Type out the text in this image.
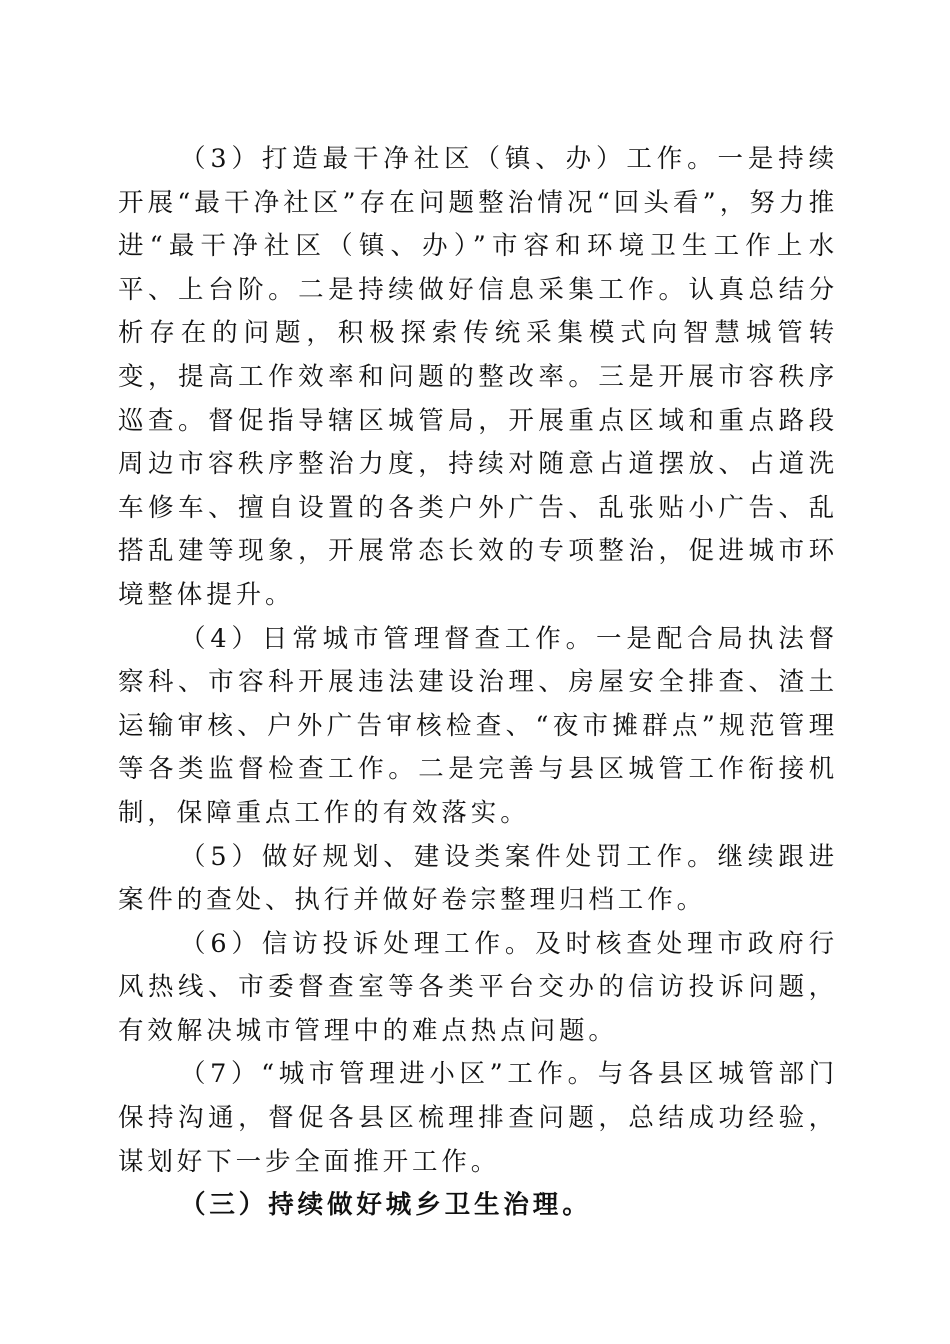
（3）打造最干净社区（镇、办）工作。一是持续开展“最干净社区”存在问题整治情况“回头看”，努力推进“最干净社区（镇、办）”市容和环境卫生工作上水平、上台阶。二是持续做好信息采集工作。认真总结分析存在的问题，积极探索传统采集模式向智慧城管转变，提高工作效率和问题的整改率。三是开展市容秩序巡查。督促指导辖区城管局，开展重点区域和重点路段周边市容秩序整治力度，持续对随意占道摆放、占道洗车修车、擅自设置的各类户外广告、乱张贴小广告、乱搭乱建等现象，开展常态长效的专项整治，促进城市环境整体提升。

（4）日常城市管理督查工作。一是配合局执法督察科、市容科开展违法建设治理、房屋安全排查、渣土运输审核、户外广告审核检查、“夜市摊群点”规范管理等各类监督检查工作。二是完善与县区城管工作衔接机制，保障重点工作的有效落实。

（5）做好规划、建设类案件处罚工作。继续跟进案件的查处、执行并做好卷宗整理归档工作。

（6）信访投诉处理工作。及时核查处理市政府行风热线、市委督查室等各类平台交办的信访投诉问题，有效解决城市管理中的难点热点问题。

（7）“城市管理进小区”工作。与各县区城管部门保持沟通，督促各县区梳理排查问题，总结成功经验，谋划好下一步全面推开工作。

（三）持续做好城乡卫生治理。
